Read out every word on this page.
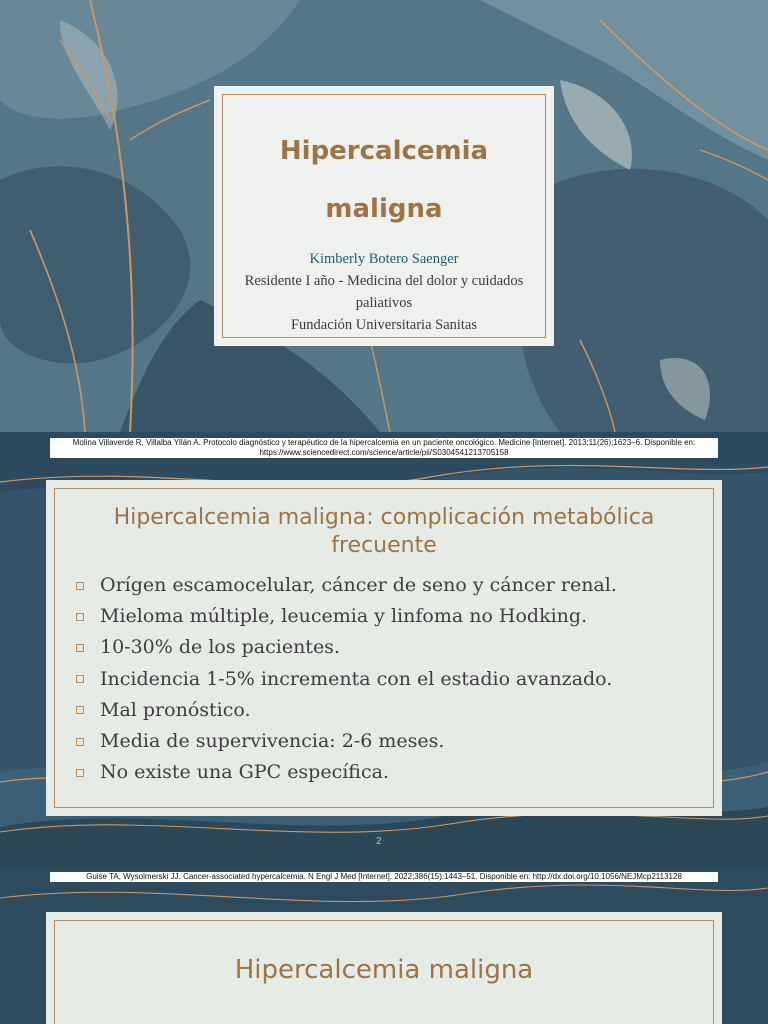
Hipercalcemia
maligna
Kimberly Botero Saenger
Residente I año - Medicina del dolor y cuidados
paliativos
Fundación Universitaria Sanitas
Molina Villaverde R, Villalba Yllán A. Protocolo diagnóstico y terapéutico de la hipercalcemia en un paciente oncológico. Medicine [Internet]. 2013;11(26):1623–6. Disponible en:
https://www.sciencedirect.com/science/article/pii/S0304541213705158
Hipercalcemia maligna: complicación metabólica frecuente
Orígen escamocelular, cáncer de seno y cáncer renal.
Mieloma múltiple, leucemia y linfoma no Hodking.
10-30% de los pacientes.
Incidencia 1-5% incrementa con el estadio avanzado.
Mal pronóstico.
Media de supervivencia: 2-6 meses.
No existe una GPC específica.
2
Guise TA, Wysolmerski JJ. Cancer-associated hypercalcemia. N Engl J Med [Internet]. 2022;386(15):1443–51. Disponible en: http://dx.doi.org/10.1056/NEJMcp2113128
Hipercalcemia maligna
